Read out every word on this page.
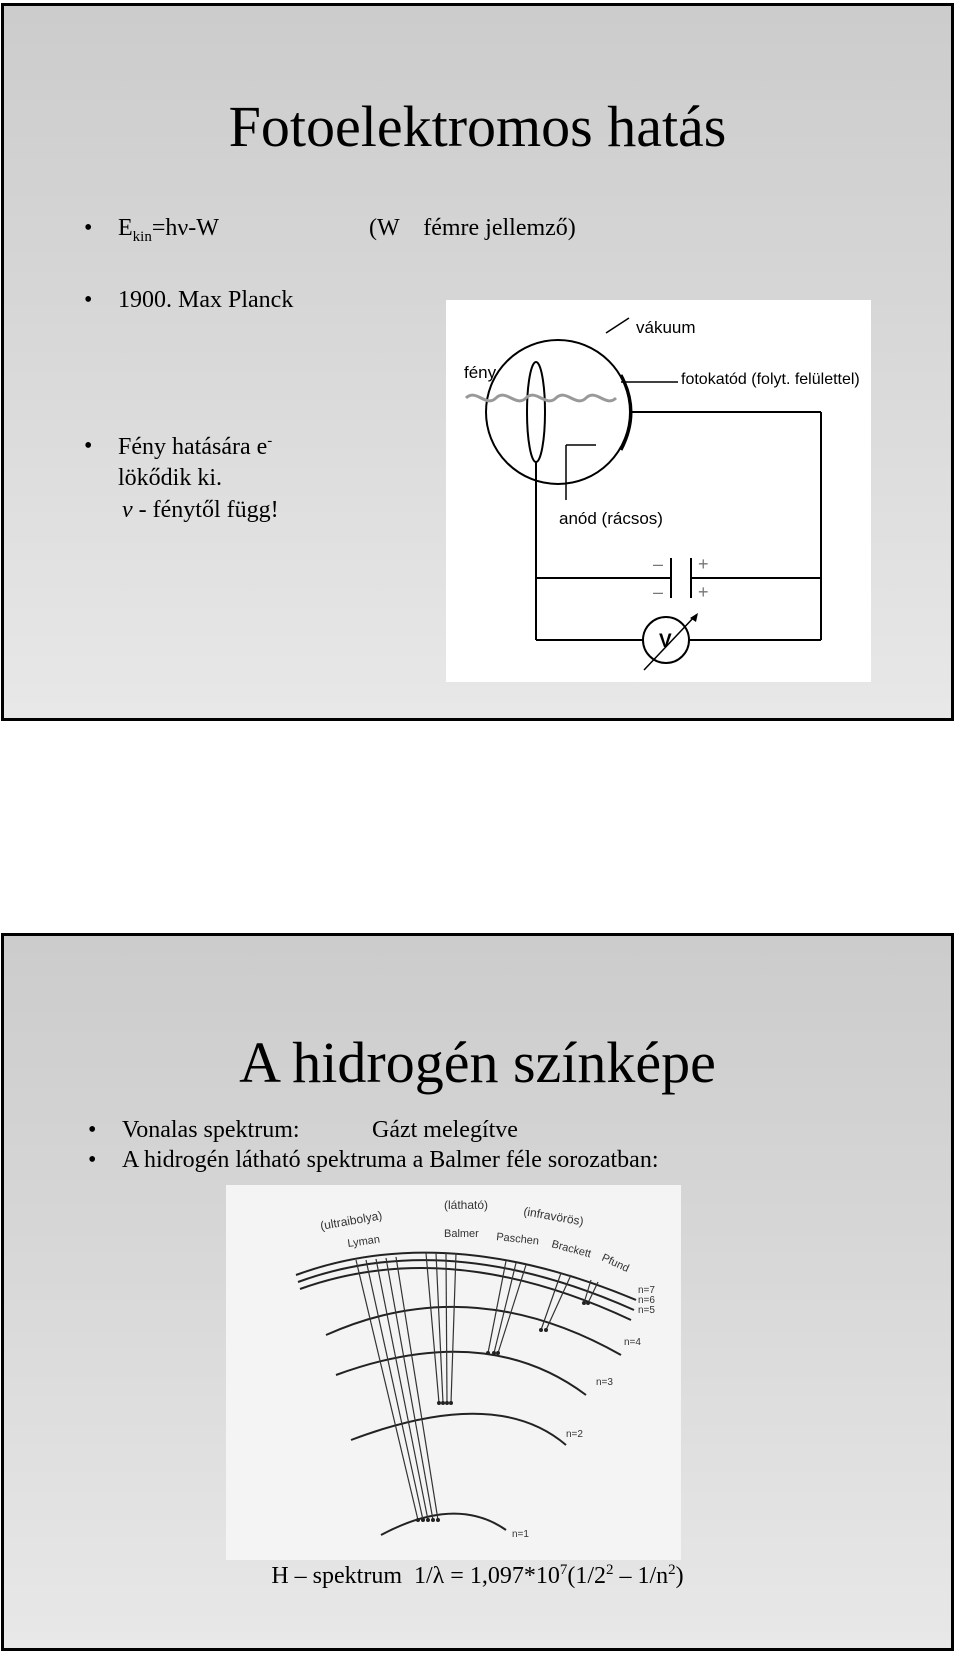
Fotoelektromos hatás
• $E_{kin}=h\nu-W$	(W    fémre jellemző)
• 1900. Max Planck
• Fény hatására e-
lökődik ki.
ν - fénytől függ!
vákuum
fény	fotokatód (folyt. felülettel)
anód (rácsos)
–
–
+
+
V
A hidrogén színképe
• Vonalas spektrum:	Gázt melegítve
• A hidrogén látható spektruma a Balmer féle sorozatban:
(ultraibolya)
(látható)	(infravörös)
Lyman	Balmer Paschen Brackett
Pfund
n=7
n=6
n=5
n=4
n=3
n=2
n=1
H – spektrum  $1/\lambda = 1,097*10^7(1/2^2 - 1/n^2)$
